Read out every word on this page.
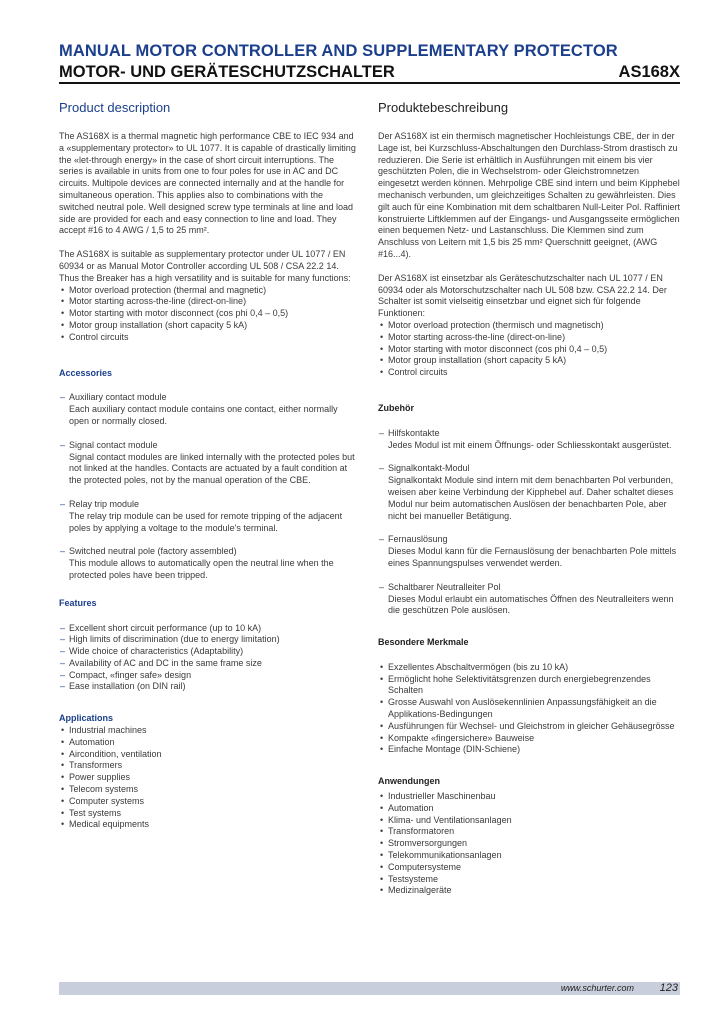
MANUAL MOTOR CONTROLLER AND SUPPLEMENTARY PROTECTOR
MOTOR- UND GERÄTESCHUTZSCHALTER	AS168X
Product description

The AS168X is a thermal magnetic high performance CBE to IEC 934 and a «supplementary protector» to UL 1077. It is capable of drastically limiting the «let-through energy» in the case of short circuit interruptions. The series is available in units from one to four poles for use in AC and DC circuits. Multipole devices are connected internally and at the handle for simultaneous operation. This applies also to combinations with the switched neutral pole. Well designed screw type terminals at line and load side are provided for each and easy connection to line and load. They accept #16 to 4 AWG / 1,5 to 25 mm².

The AS168X is suitable as supplementary protector under UL 1077 / EN 60934 or as Manual Motor Controller according UL 508 / CSA 22.2 14. Thus the Breaker has a high versatility and is suitable for many functions:

• Motor overload protection (thermal and magnetic)
• Motor starting across-the-line (direct-on-line)
• Motor starting with motor disconnect (cos phi 0,4 – 0,5)
• Motor group installation (short capacity 5 kA)
• Control circuits
Accessories
– Auxiliary contact module
Each auxiliary contact module contains one contact, either normally open or normally closed.
– Signal contact module
Signal contact modules are linked internally with the protected poles but not linked at the handles. Contacts are actuated by a fault condition at the protected poles, not by the manual operation of the CBE.
– Relay trip module
The relay trip module can be used for remote tripping of the adjacent poles by applying a voltage to the module's terminal.
– Switched neutral pole (factory assembled)
This module allows to automatically open the neutral line when the protected poles have been tripped.
Features
– Excellent short circuit performance (up to 10 kA)
– High limits of discrimination (due to energy limitation)
– Wide choice of characteristics (Adaptability)
– Availability of AC and DC in the same frame size
– Compact, «finger safe» design
– Ease installation (on DIN rail)
Applications
• Industrial machines
• Automation
• Aircondition, ventilation
• Transformers
• Power supplies
• Telecom systems
• Computer systems
• Test systems
• Medical equipments
Produktebeschreibung

Der AS168X ist ein thermisch magnetischer Hochleistungs CBE, der in der Lage ist, bei Kurzschluss-Abschaltungen den Durchlass-Strom drastisch zu reduzieren. Die Serie ist erhältlich in Ausführungen mit einem bis vier geschützten Polen, die in Wechselstrom- oder Gleichstromnetzen eingesetzt werden können. Mehrpolige CBE sind intern und beim Kipphebel mechanisch verbunden, um gleichzeitiges Schalten zu gewährleisten. Dies gilt auch für eine Kombination mit dem schaltbaren Null-Leiter Pol. Raffiniert konstruierte Liftklemmen auf der Eingangs- und Ausgangsseite ermöglichen einen bequemen Netz- und Lastanschluss. Die Klemmen sind zum Anschluss von Leitern mit 1,5 bis 25 mm² Querschnitt geeignet, (AWG #16...4).

Der AS168X ist einsetzbar als Geräteschutzschalter nach UL 1077 / EN 60934 oder als Motorschutzschalter nach UL 508 bzw. CSA 22.2 14. Der Schalter ist somit vielseitig einsetzbar und eignet sich für folgende Funktionen:

• Motor overload protection (thermisch und magnetisch)
• Motor starting across-the-line (direct-on-line)
• Motor starting with motor disconnect (cos phi 0,4 – 0,5)
• Motor group installation (short capacity 5 kA)
• Control circuits
Zubehör
– Hilfskontakte
Jedes Modul ist mit einem Öffnungs- oder Schliesskontakt ausgerüstet.
– Signalkontakt-Modul
Signalkontakt Module sind intern mit dem benachbarten Pol verbunden, weisen aber keine Verbindung der Kipphebel auf. Daher schaltet dieses Modul nur beim automatischen Auslösen der benachbarten Pole, aber nicht bei manueller Betätigung.
– Fernauslösung
Dieses Modul kann für die Fernauslösung der benachbarten Pole mittels eines Spannungspulses verwendet werden.
– Schaltbarer Neutralleiter Pol
Dieses Modul erlaubt ein automatisches Öffnen des Neutralleiters wenn die geschützen Pole auslösen.
Besondere Merkmale
• Exzellentes Abschaltvermögen (bis zu 10 kA)
• Ermöglicht hohe Selektivitätsgrenzen durch energiebegrenzendes Schalten
• Grosse Auswahl von Auslösekennlinien Anpassungsfähigkeit an die Applikations-Bedingungen
• Ausführungen für Wechsel- und Gleichstrom in gleicher Gehäusegrösse
• Kompakte «fingersichere» Bauweise
• Einfache Montage (DIN-Schiene)
Anwendungen
• Industrieller Maschinenbau
• Automation
• Klima- und Ventilationsanlagen
• Transformatoren
• Stromversorgungen
• Telekommunikationsanlagen
• Computersysteme
• Testsysteme
• Medizinalgeräte
www.schurter.com 123
